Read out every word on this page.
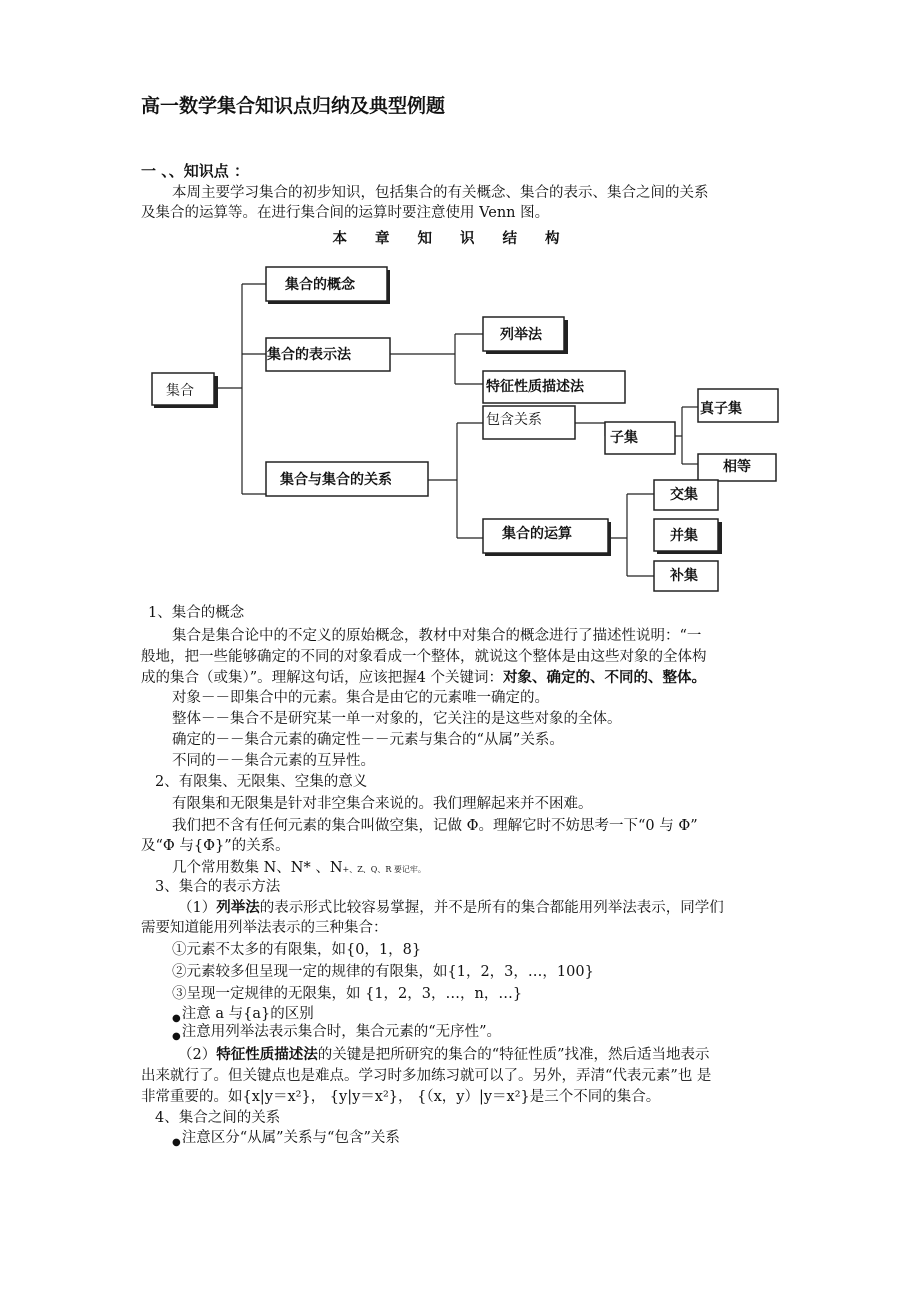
高一数学集合知识点归纳及典型例题
一 、、知识点 ：
本周主要学习集合的初步知识，包括集合的有关概念、集合的表示、集合之间的关系
及集合的运算等。在进行集合间的运算时要注意使用 Venn 图。
本章知识结构
集合
集合的概念
集合的表示法
列举法
特征性质描述法
集合与集合的关系
包含关系
子集
真子集
相等
集合的运算
交集
并集
补集
1、集合的概念
集合是集合论中的不定义的原始概念，教材中对集合的概念进行了描述性说明：“一
般地，把一些能够确定的不同的对象看成一个整体，就说这个整体是由这些对象的全体构
成的集合（或集）”。理解这句话，应该把握4 个关键词：对象、确定的、不同的、整体。
对象－－即集合中的元素。集合是由它的元素唯一确定的。
整体－－集合不是研究某一单一对象的，它关注的是这些对象的全体。
确定的－－集合元素的确定性－－元素与集合的“从属”关系。
不同的－－集合元素的互异性。
2、有限集、无限集、空集的意义
有限集和无限集是针对非空集合来说的。我们理解起来并不困难。
我们把不含有任何元素的集合叫做空集，记做 Φ。理解它时不妨思考一下“0 与 Φ”
及“Φ 与{Φ}”的关系。
几个常用数集 N、N* 、N+、Z、Q、R 要记牢。
3、集合的表示方法
（1）列举法的表示形式比较容易掌握，并不是所有的集合都能用列举法表示，同学们
需要知道能用列举法表示的三种集合：
①元素不太多的有限集，如{0，1，8}
②元素较多但呈现一定的规律的有限集，如{1，2，3，…，100}
③呈现一定规律的无限集，如 {1，2，3，…，n，…}
$_●$注意 a 与{a}的区别
$_●$注意用列举法表示集合时，集合元素的“无序性”。
（2）特征性质描述法的关键是把所研究的集合的“特征性质”找准，然后适当地表示
出来就行了。但关键点也是难点。学习时多加练习就可以了。另外，弄清“代表元素”也 是
非常重要的。如{x|y＝x²}， {y|y＝x²}， {（x，y）|y＝x²}是三个不同的集合。
4、集合之间的关系
$_●$注意区分“从属”关系与“包含”关系
